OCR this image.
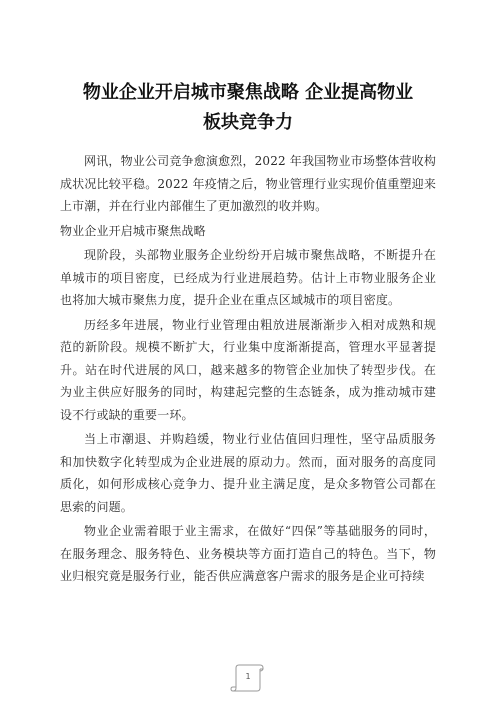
物业企业开启城市聚焦战略 企业提高物业
板块竞争力

网讯，物业公司竞争愈演愈烈，2022 年我国物业市场整体营收构成状况比较平稳。2022 年疫情之后，物业管理行业实现价值重塑迎来上市潮，并在行业内部催生了更加激烈的收并购。

物业企业开启城市聚焦战略

现阶段，头部物业服务企业纷纷开启城市聚焦战略，不断提升在单城市的项目密度，已经成为行业进展趋势。估计上市物业服务企业也将加大城市聚焦力度，提升企业在重点区域城市的项目密度。

历经多年进展，物业行业管理由粗放进展渐渐步入相对成熟和规范的新阶段。规模不断扩大，行业集中度渐渐提高，管理水平显著提升。站在时代进展的风口，越来越多的物管企业加快了转型步伐。在为业主供应好服务的同时，构建起完整的生态链条，成为推动城市建设不行或缺的重要一环。

当上市潮退、并购趋缓，物业行业估值回归理性，坚守品质服务和加快数字化转型成为企业进展的原动力。然而，面对服务的高度同质化，如何形成核心竞争力、提升业主满足度，是众多物管公司都在思索的问题。

物业企业需着眼于业主需求，在做好“四保”等基础服务的同时，在服务理念、服务特色、业务模块等方面打造自己的特色。当下，物业归根究竟是服务行业，能否供应满意客户需求的服务是企业可持续

1
